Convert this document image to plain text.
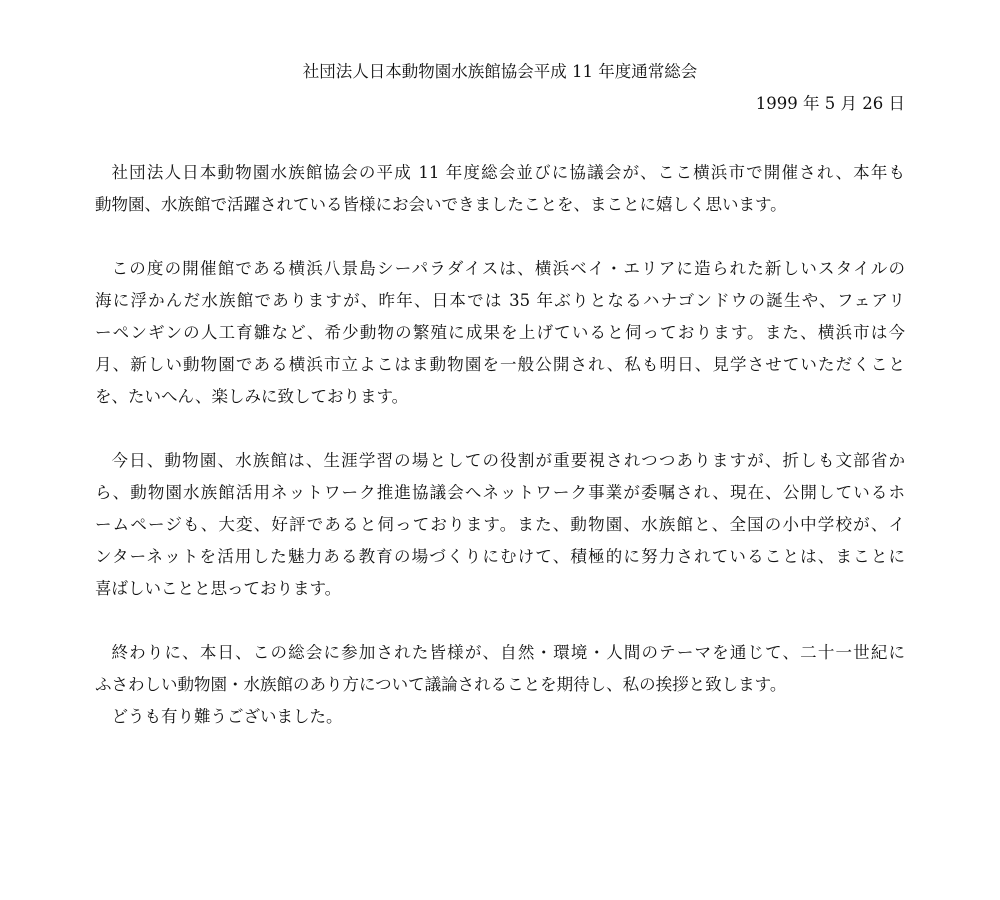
社団法人日本動物園水族館協会平成 11 年度通常総会

1999 年 5 月 26 日

社団法人日本動物園水族館協会の平成 11 年度総会並びに協議会が、ここ横浜市で開催され、本年も
動物園、水族館で活躍されている皆様にお会いできましたことを、まことに嬉しく思います。

この度の開催館である横浜八景島シーパラダイスは、横浜ベイ・エリアに造られた新しいスタイルの
海に浮かんだ水族館でありますが、昨年、日本では 35 年ぶりとなるハナゴンドウの誕生や、フェアリ
ーペンギンの人工育雛など、希少動物の繁殖に成果を上げていると伺っております。また、横浜市は今
月、新しい動物園である横浜市立よこはま動物園を一般公開され、私も明日、見学させていただくこと
を、たいへん、楽しみに致しております。

今日、動物園、水族館は、生涯学習の場としての役割が重要視されつつありますが、折しも文部省か
ら、動物園水族館活用ネットワーク推進協議会へネットワーク事業が委嘱され、現在、公開しているホ
ームページも、大変、好評であると伺っております。また、動物園、水族館と、全国の小中学校が、イ
ンターネットを活用した魅力ある教育の場づくりにむけて、積極的に努力されていることは、まことに
喜ばしいことと思っております。

終わりに、本日、この総会に参加された皆様が、自然・環境・人間のテーマを通じて、二十一世紀に
ふさわしい動物園・水族館のあり方について議論されることを期待し、私の挨拶と致します。

どうも有り難うございました。
